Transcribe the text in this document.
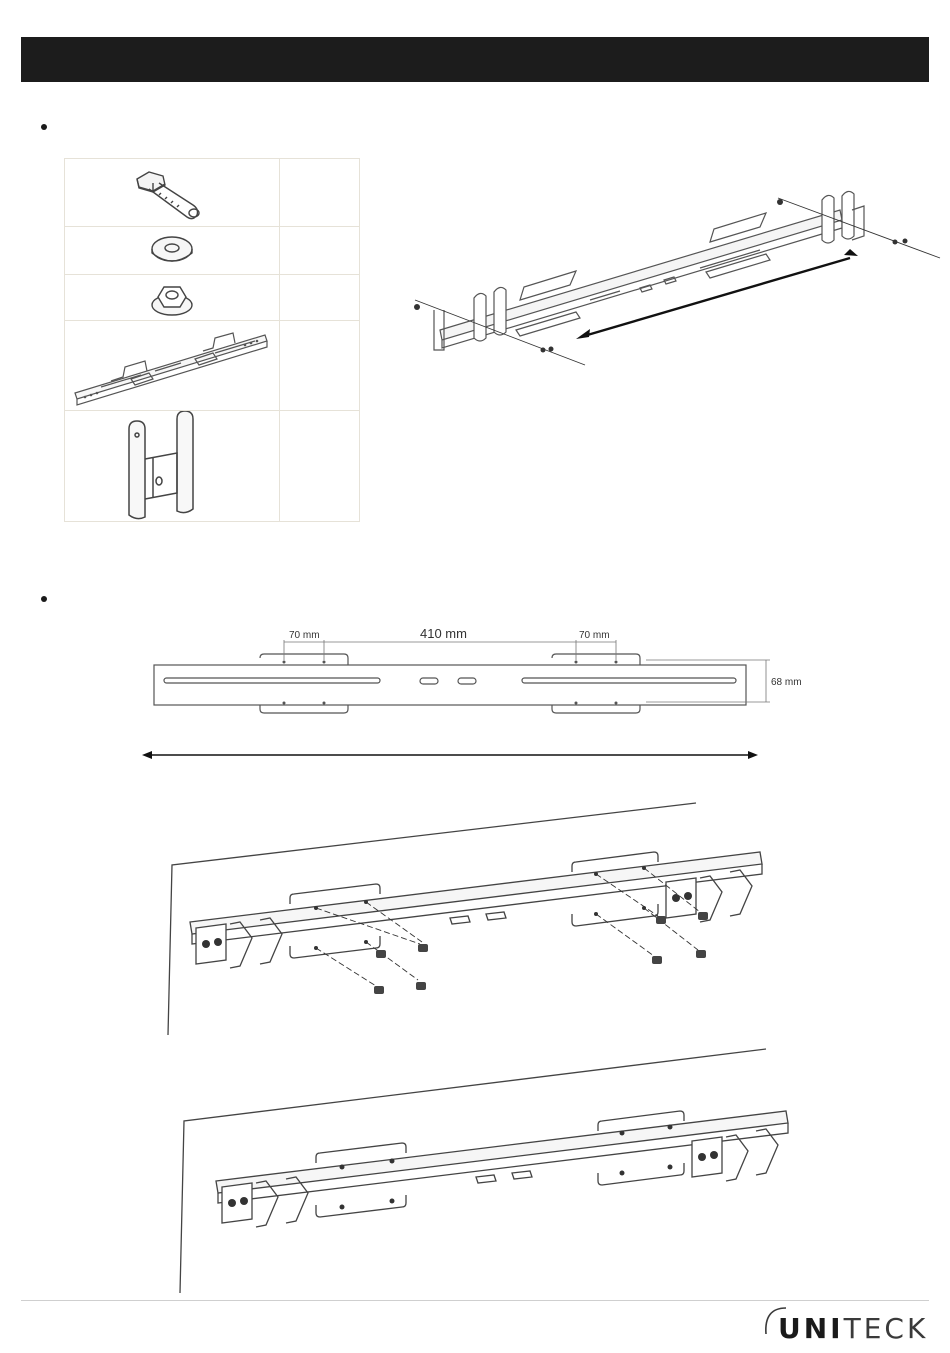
70 mm	410 mm	70 mm
68 mm
UNITECK
